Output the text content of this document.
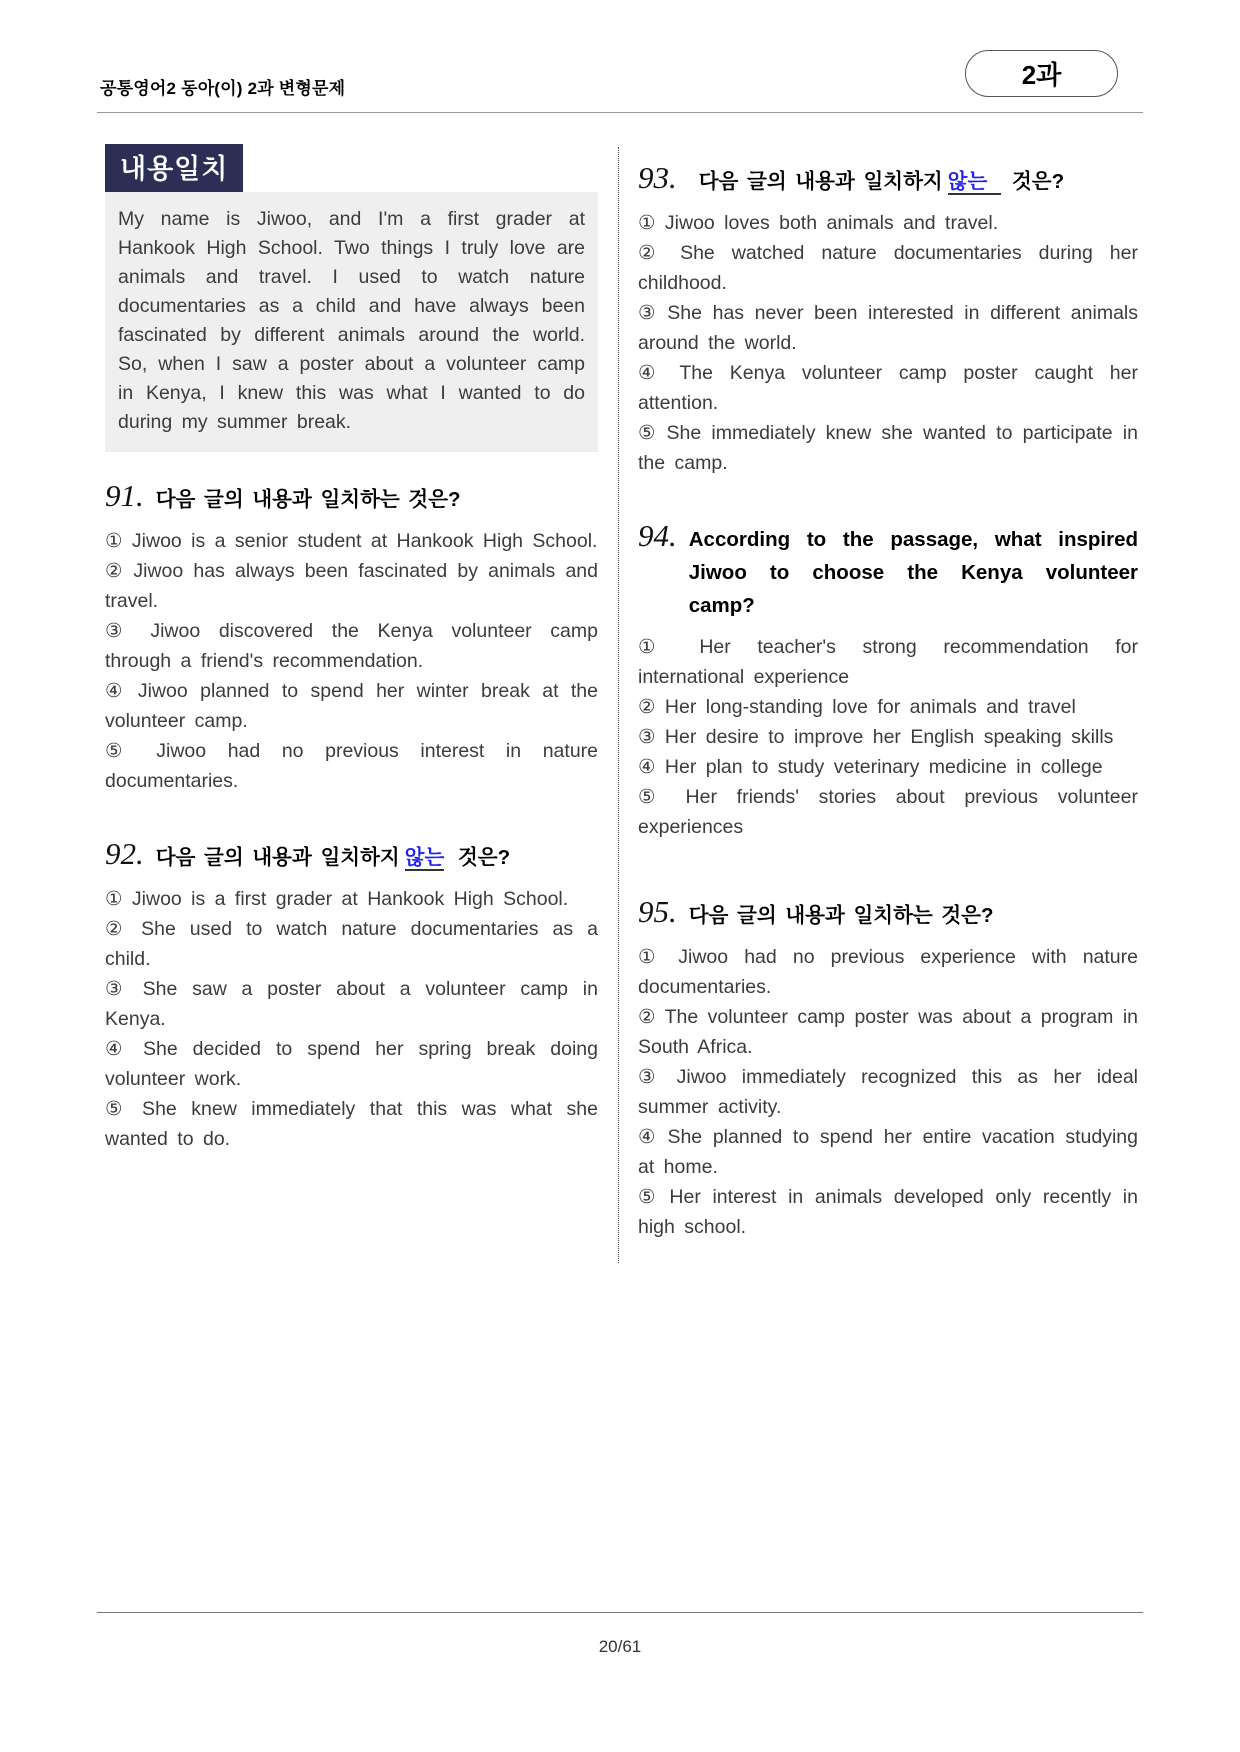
공통영어2 동아(이) 2과 변형문제	2과
내용일치
My name is Jiwoo, and I'm a first grader at Hankook High School. Two things I truly love are animals and travel. I used to watch nature documentaries as a child and have always been fascinated by different animals around the world. So, when I saw a poster about a volunteer camp in Kenya, I knew this was what I wanted to do during my summer break.
91. 다음 글의 내용과 일치하는 것은?

① Jiwoo is a senior student at Hankook High School.

② Jiwoo has always been fascinated by animals and travel.

③ Jiwoo discovered the Kenya volunteer camp through a friend's recommendation.

④ Jiwoo planned to spend her winter break at the volunteer camp.

⑤ Jiwoo had no previous interest in nature documentaries.

92. 다음 글의 내용과 일치하지 않는 것은?

① Jiwoo is a first grader at Hankook High School.

② She used to watch nature documentaries as a child.

③ She saw a poster about a volunteer camp in Kenya.

④ She decided to spend her spring break doing volunteer work.

⑤ She knew immediately that this was what she wanted to do.

93. 다음 글의 내용과 일치하지 않는 것은?

① Jiwoo loves both animals and travel.

② She watched nature documentaries during her childhood.

③ She has never been interested in different animals around the world.

④ The Kenya volunteer camp poster caught her attention.

⑤ She immediately knew she wanted to participate in the camp.

94. According to the passage, what inspired Jiwoo to choose the Kenya volunteer camp?

① Her teacher's strong recommendation for international experience

② Her long-standing love for animals and travel

③ Her desire to improve her English speaking skills

④ Her plan to study veterinary medicine in college

⑤ Her friends' stories about previous volunteer experiences

95. 다음 글의 내용과 일치하는 것은?

① Jiwoo had no previous experience with nature documentaries.

② The volunteer camp poster was about a program in South Africa.

③ Jiwoo immediately recognized this as her ideal summer activity.

④ She planned to spend her entire vacation studying at home.

⑤ Her interest in animals developed only recently in high school.

20/61
